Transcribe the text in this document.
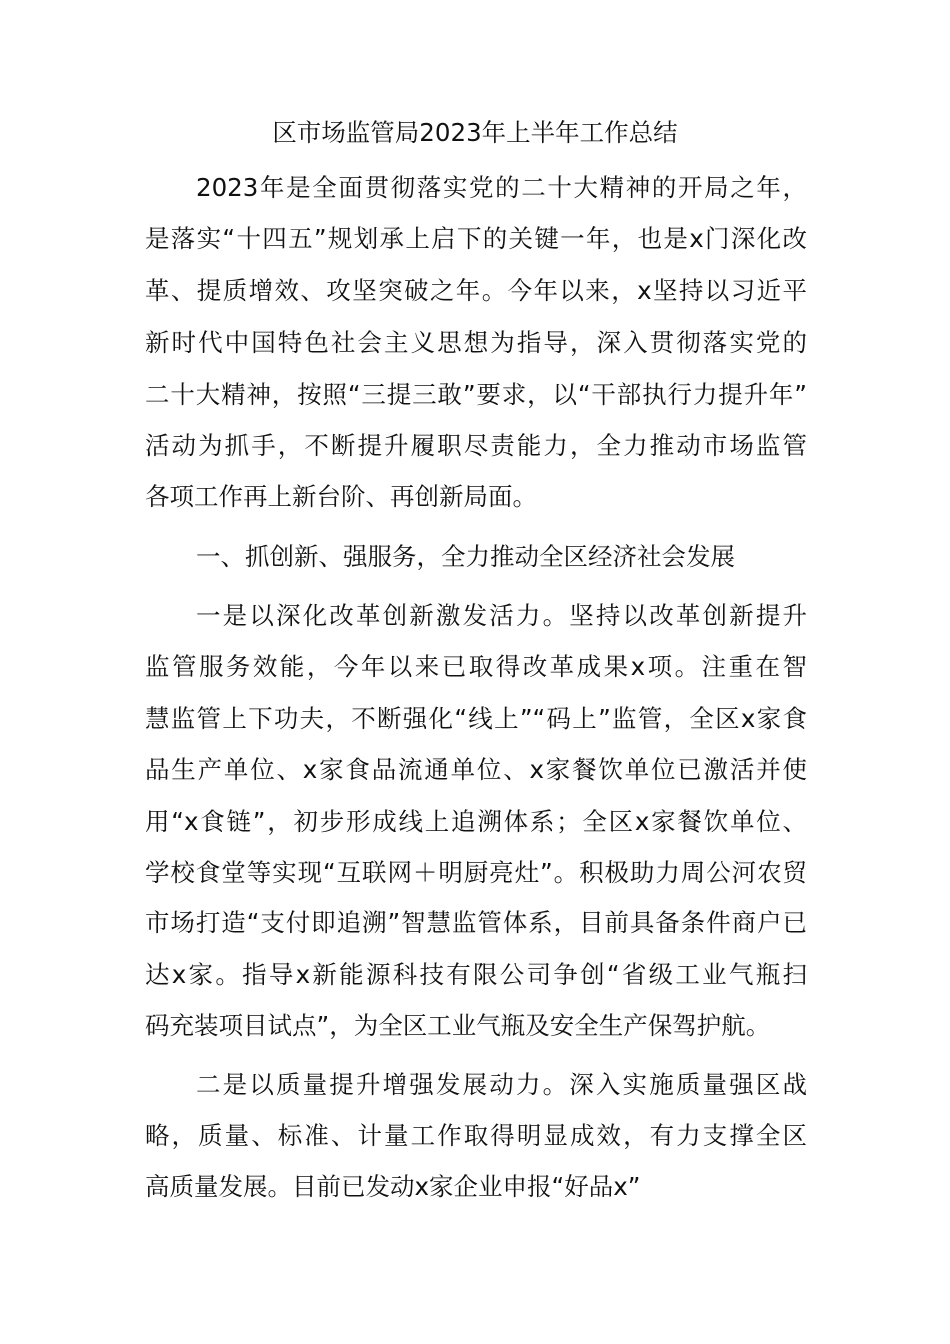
区市场监管局2023年上半年工作总结
2023年是全面贯彻落实党的二十大精神的开局之年，
是落实“十四五”规划承上启下的关键一年，也是x门深化改
革、提质增效、攻坚突破之年。今年以来，x坚持以习近平
新时代中国特色社会主义思想为指导，深入贯彻落实党的
二十大精神，按照“三提三敢”要求，以“干部执行力提升年”
活动为抓手，不断提升履职尽责能力，全力推动市场监管
各项工作再上新台阶、再创新局面。
一、抓创新、强服务，全力推动全区经济社会发展
一是以深化改革创新激发活力。坚持以改革创新提升
监管服务效能，今年以来已取得改革成果x项。注重在智
慧监管上下功夫，不断强化“线上”“码上”监管，全区x家食
品生产单位、x家食品流通单位、x家餐饮单位已激活并使
用“x食链”，初步形成线上追溯体系；全区x家餐饮单位、
学校食堂等实现“互联网＋明厨亮灶”。积极助力周公河农贸
市场打造“支付即追溯”智慧监管体系，目前具备条件商户已
达x家。指导x新能源科技有限公司争创“省级工业气瓶扫
码充装项目试点”，为全区工业气瓶及安全生产保驾护航。
二是以质量提升增强发展动力。深入实施质量强区战
略，质量、标准、计量工作取得明显成效，有力支撑全区
高质量发展。目前已发动x家企业申报“好品x”
